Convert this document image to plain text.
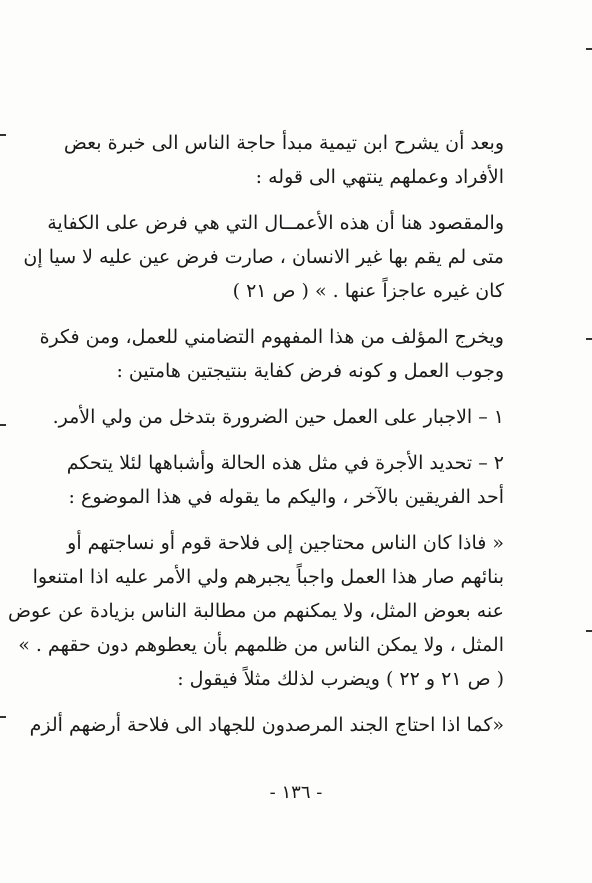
وبعد أن يشرح ابن تيمية مبدأ حاجة الناس الى خبرة بعض
الأفراد وعملهم ينتهي الى قوله :
والمقصود هنا أن هذه الأعمــال التي هي فرض على الكفاية
متى لم يقم بها غير الانسان ، صارت فرض عين عليه لا سيا إن
كان غيره عاجزاً عنها . » ( ص ٢١ )
ويخرج المؤلف من هذا المفهوم التضامني للعمل، ومن فكرة
وجوب العمل و كونه فرض كفاية بنتيجتين هامتين :
١ – الاجبار على العمل حين الضرورة بتدخل من ولي الأمر.
٢ – تحديد الأجرة في مثل هذه الحالة وأشباهها لئلا يتحكم
أحد الفريقين بالآخر ، واليكم ما يقوله في هذا الموضوع :
« فاذا كان الناس محتاجين إلى فلاحة قوم أو نساجتهم أو
بنائهم صار هذا العمل واجباً يجبرهم ولي الأمر عليه اذا امتنعوا
عنه بعوض المثل، ولا يمكنهم من مطالبة الناس بزيادة عن عوض
المثل ، ولا يمكن الناس من ظلمهم بأن يعطوهم دون حقهم . »
( ص ٢١ و ٢٢ ) ويضرب لذلك مثلاً فيقول :
«كما اذا احتاج الجند المرصدون للجهاد الى فلاحة أرضهم ألزم
- ١٣٦ -
